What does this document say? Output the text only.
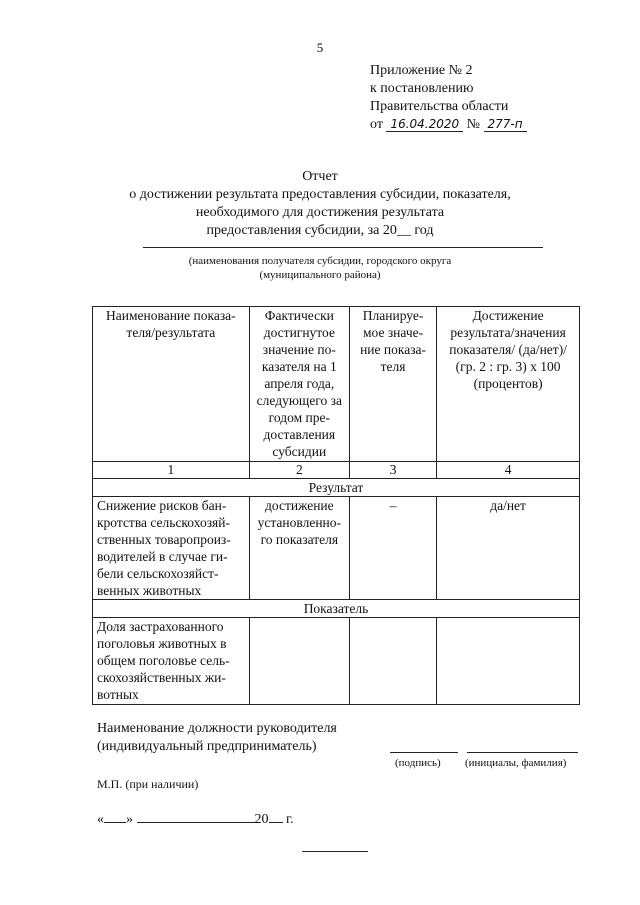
5
Приложение № 2
к постановлению
Правительства области
от 16.04.2020 № 277-п
Отчет
о достижении результата предоставления субсидии, показателя,
необходимого для достижения результата
предоставления субсидии, за 20__ год
(наименования получателя субсидии, городского округа
(муниципального района)
Наименование показа-теля/результата	Фактически достигнутое значение по-казателя на 1 апреля года, следующего за годом пре-доставления субсидии	Планируе-мое значе-ние показа-теля	Достижение результата/значения показателя/ (да/нет)/ (гр. 2 : гр. 3) х 100 (процентов)
1	2	3	4
Результат			
Снижение рисков бан-кротства сельскохозяй-ственных товаропроиз-водителей в случае ги-бели сельскохозяйст-венных животных	достижение установленно-го показателя	–	да/нет
Показатель			
Доля застрахованного поголовья животных в общем поголовье сель-скохозяйственных жи-вотных			
Наименование должности руководителя
(индивидуальный предприниматель)
(подпись) (инициалы, фамилия)
М.П. (при наличии)
« »	20 г.
